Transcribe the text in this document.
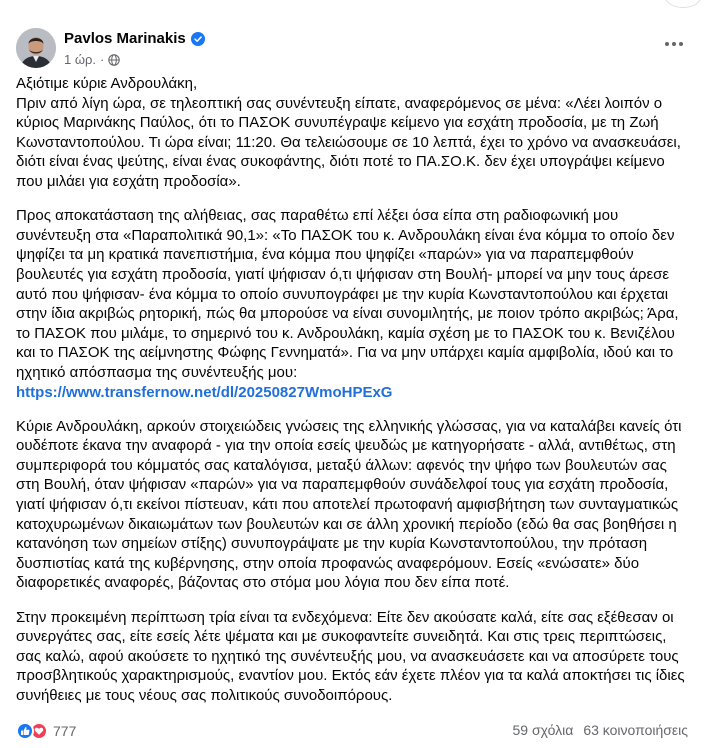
Pavlos Marinakis
1 ώρ. ·

Αξιότιμε κύριε Ανδρουλάκη,
Πριν από λίγη ώρα, σε τηλεοπτική σας συνέντευξη είπατε, αναφερόμενος σε μένα: «Λέει λοιπόν ο κύριος Μαρινάκης Παύλος, ότι το ΠΑΣΟΚ συνυπέγραψε κείμενο για εσχάτη προδοσία, με τη Ζωή Κωνσταντοπούλου. Τι ώρα είναι; 11:20. Θα τελειώσουμε σε 10 λεπτά, έχει το χρόνο να ανασκευάσει, διότι είναι ένας ψεύτης, είναι ένας συκοφάντης, διότι ποτέ το ΠΑ.ΣΟ.Κ. δεν έχει υπογράψει κείμενο που μιλάει για εσχάτη προδοσία».

Προς αποκατάσταση της αλήθειας, σας παραθέτω επί λέξει όσα είπα στη ραδιοφωνική μου συνέντευξη στα «Παραπολιτικά 90,1»: «Το ΠΑΣΟΚ του κ. Ανδρουλάκη είναι ένα κόμμα το οποίο δεν ψηφίζει τα μη κρατικά πανεπιστήμια, ένα κόμμα που ψηφίζει «παρών» για να παραπεμφθούν βουλευτές για εσχάτη προδοσία, γιατί ψήφισαν ό,τι ψήφισαν στη Βουλή- μπορεί να μην τους άρεσε αυτό που ψήφισαν- ένα κόμμα το οποίο συνυπογράφει με την κυρία Κωνσταντοπούλου και έρχεται στην ίδια ακριβώς ρητορική, πώς θα μπορούσε να είναι συνομιλητής, με ποιον τρόπο ακριβώς; Άρα, το ΠΑΣΟΚ που μιλάμε, το σημερινό του κ. Ανδρουλάκη, καμία σχέση με το ΠΑΣΟΚ του κ. Βενιζέλου και το ΠΑΣΟΚ της αείμνηστης Φώφης Γεννηματά». Για να μην υπάρχει καμία αμφιβολία, ιδού και το ηχητικό απόσπασμα της συνέντευξής μου:
https://www.transfernow.net/dl/20250827WmoHPExG

Κύριε Ανδρουλάκη, αρκούν στοιχειώδεις γνώσεις της ελληνικής γλώσσας, για να καταλάβει κανείς ότι ουδέποτε έκανα την αναφορά - για την οποία εσείς ψευδώς με κατηγορήσατε - αλλά, αντιθέτως, στη συμπεριφορά του κόμματός σας καταλόγισα, μεταξύ άλλων: αφενός την ψήφο των βουλευτών σας στη Βουλή, όταν ψήφισαν «παρών» για να παραπεμφθούν συνάδελφοί τους για εσχάτη προδοσία, γιατί ψήφισαν ό,τι εκείνοι πίστευαν, κάτι που αποτελεί πρωτοφανή αμφισβήτηση των συνταγματικώς κατοχυρωμένων δικαιωμάτων των βουλευτών και σε άλλη χρονική περίοδο (εδώ θα σας βοηθήσει η κατανόηση των σημείων στίξης) συνυπογράψατε με την κυρία Κωνσταντοπούλου, την πρόταση δυσπιστίας κατά της κυβέρνησης, στην οποία προφανώς αναφερόμουν. Εσείς «ενώσατε» δύο διαφορετικές αναφορές, βάζοντας στο στόμα μου λόγια που δεν είπα ποτέ.

Στην προκειμένη περίπτωση τρία είναι τα ενδεχόμενα: Είτε δεν ακούσατε καλά, είτε σας εξέθεσαν οι συνεργάτες σας, είτε εσείς λέτε ψέματα και με συκοφαντείτε συνειδητά. Και στις τρεις περιπτώσεις, σας καλώ, αφού ακούσετε το ηχητικό της συνέντευξής μου, να ανασκευάσετε και να αποσύρετε τους προσβλητικούς χαρακτηρισμούς, εναντίον μου. Εκτός εάν έχετε πλέον για τα καλά αποκτήσει τις ίδιες συνήθειες με τους νέους σας πολιτικούς συνοδοιπόρους.

777	59 σχόλια 63 κοινοποιήσεις
